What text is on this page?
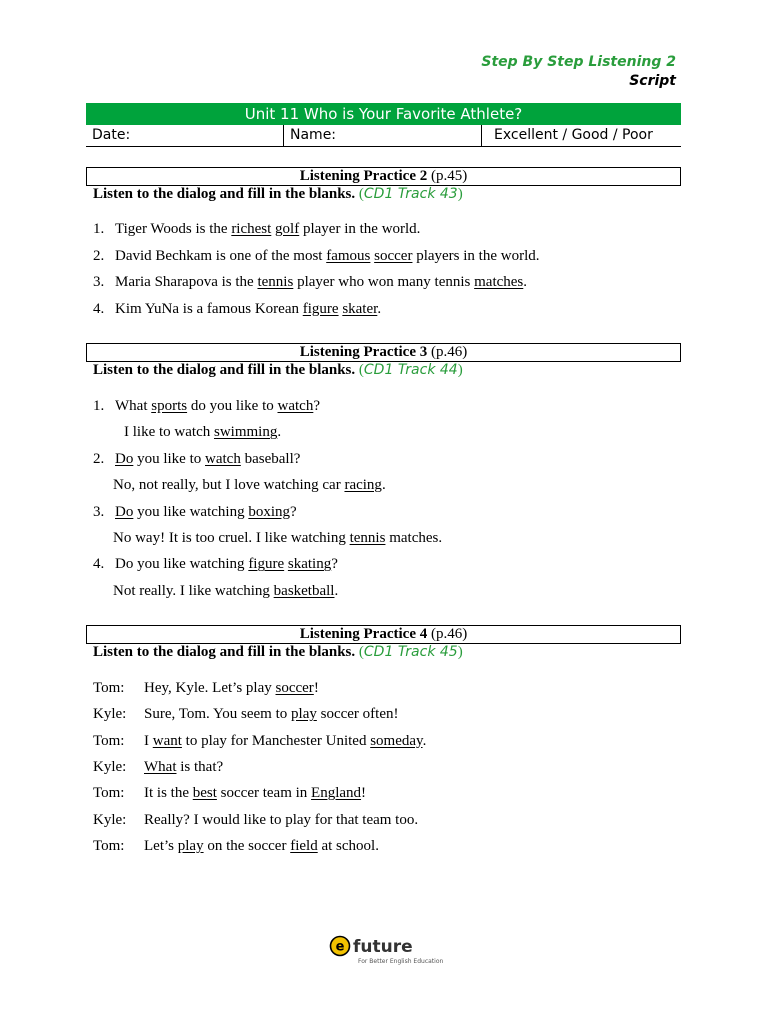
Step By Step Listening 2
Script
Unit 11 Who is Your Favorite Athlete?
Date:	Name:	Excellent / Good / Poor
Listening Practice 2 (p.45)
Listen to the dialog and fill in the blanks. (CD1 Track 43)
1. Tiger Woods is the richest golf player in the world.
2. David Bechkam is one of the most famous soccer players in the world.
3. Maria Sharapova is the tennis player who won many tennis matches.
4. Kim YuNa is a famous Korean figure skater.
Listening Practice 3 (p.46)
Listen to the dialog and fill in the blanks. (CD1 Track 44)
1. What sports do you like to watch?
I like to watch swimming.
2. Do you like to watch baseball?
No, not really, but I love watching car racing.
3. Do you like watching boxing?
No way! It is too cruel. I like watching tennis matches.
4. Do you like watching figure skating?
Not really. I like watching basketball.
Listening Practice 4 (p.46)
Listen to the dialog and fill in the blanks. (CD1 Track 45)
Tom: Hey, Kyle. Let’s play soccer!
Kyle: Sure, Tom. You seem to play soccer often!
Tom: I want to play for Manchester United someday.
Kyle: What is that?
Tom: It is the best soccer team in England!
Kyle: Really? I would like to play for that team too.
Tom: Let’s play on the soccer field at school.
e future
For Better English Education
